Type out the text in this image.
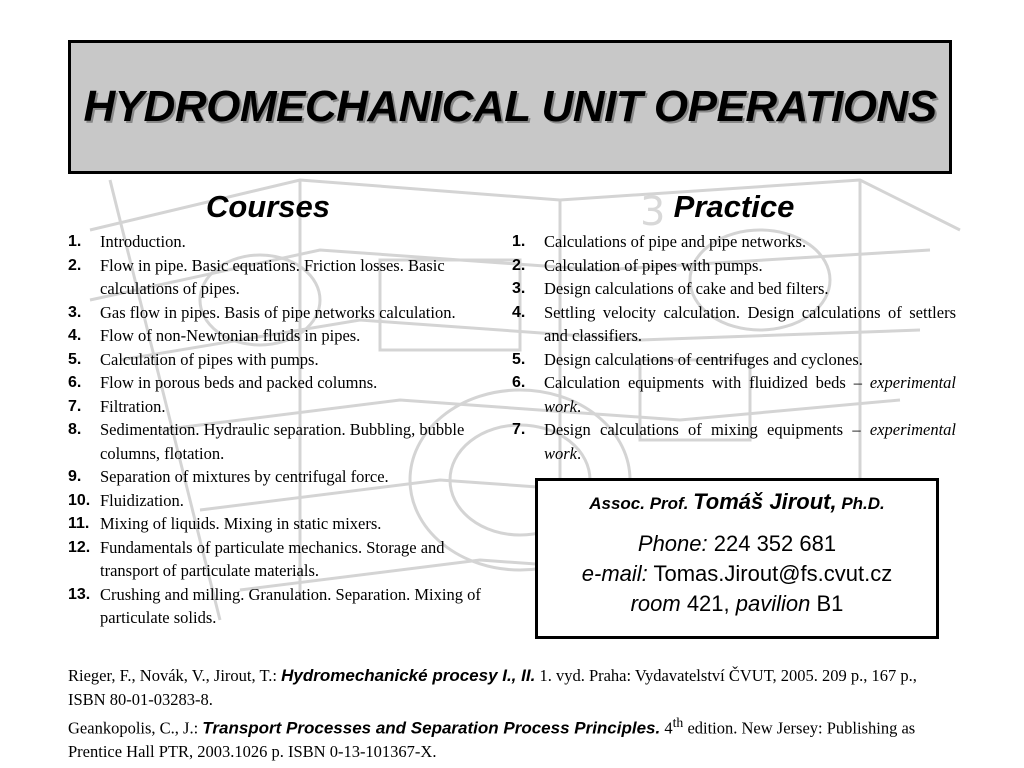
3
HYDROMECHANICAL UNIT OPERATIONS
Courses
1.	Introduction.
2.	Flow in pipe. Basic equations. Friction losses. Basic calculations of pipes.
3.	Gas flow in pipes. Basis of pipe networks calculation.
4.	Flow of non-Newtonian fluids in pipes.
5.	Calculation of pipes with pumps.
6.	Flow in porous beds and packed columns.
7.	Filtration.
8.	Sedimentation. Hydraulic separation. Bubbling, bubble columns, flotation.
9.	Separation of mixtures by centrifugal force.
10. Fluidization.
11. Mixing of liquids. Mixing in static mixers.
12. Fundamentals of particulate mechanics. Storage and transport of particulate materials.
13. Crushing and milling. Granulation. Separation. Mixing of particulate solids.
Practice
1.	Calculations of pipe and pipe networks.
2.	Calculation of pipes with pumps.
3.	Design calculations of cake and bed filters.
4.	Settling velocity calculation. Design calculations of settlers and classifiers.
5.	Design calculations of centrifuges and cyclones.
6.	Calculation equipments with fluidized beds – experimental work.
7.	Design calculations of mixing equipments – experimental work.
Assoc. Prof. Tomáš Jirout, Ph.D.
Phone: 224 352 681
e-mail: Tomas.Jirout@fs.cvut.cz
room 421, pavilion B1

Rieger, F., Novák, V., Jirout, T.: Hydromechanické procesy I., II. 1. vyd. Praha: Vydavatelství ČVUT, 2005. 209 p., 167 p., ISBN 80-01-03283-8.

Geankopolis, C., J.: Transport Processes and Separation Process Principles. 4th edition. New Jersey: Publishing as Prentice Hall PTR, 2003.1026 p. ISBN 0-13-101367-X.
